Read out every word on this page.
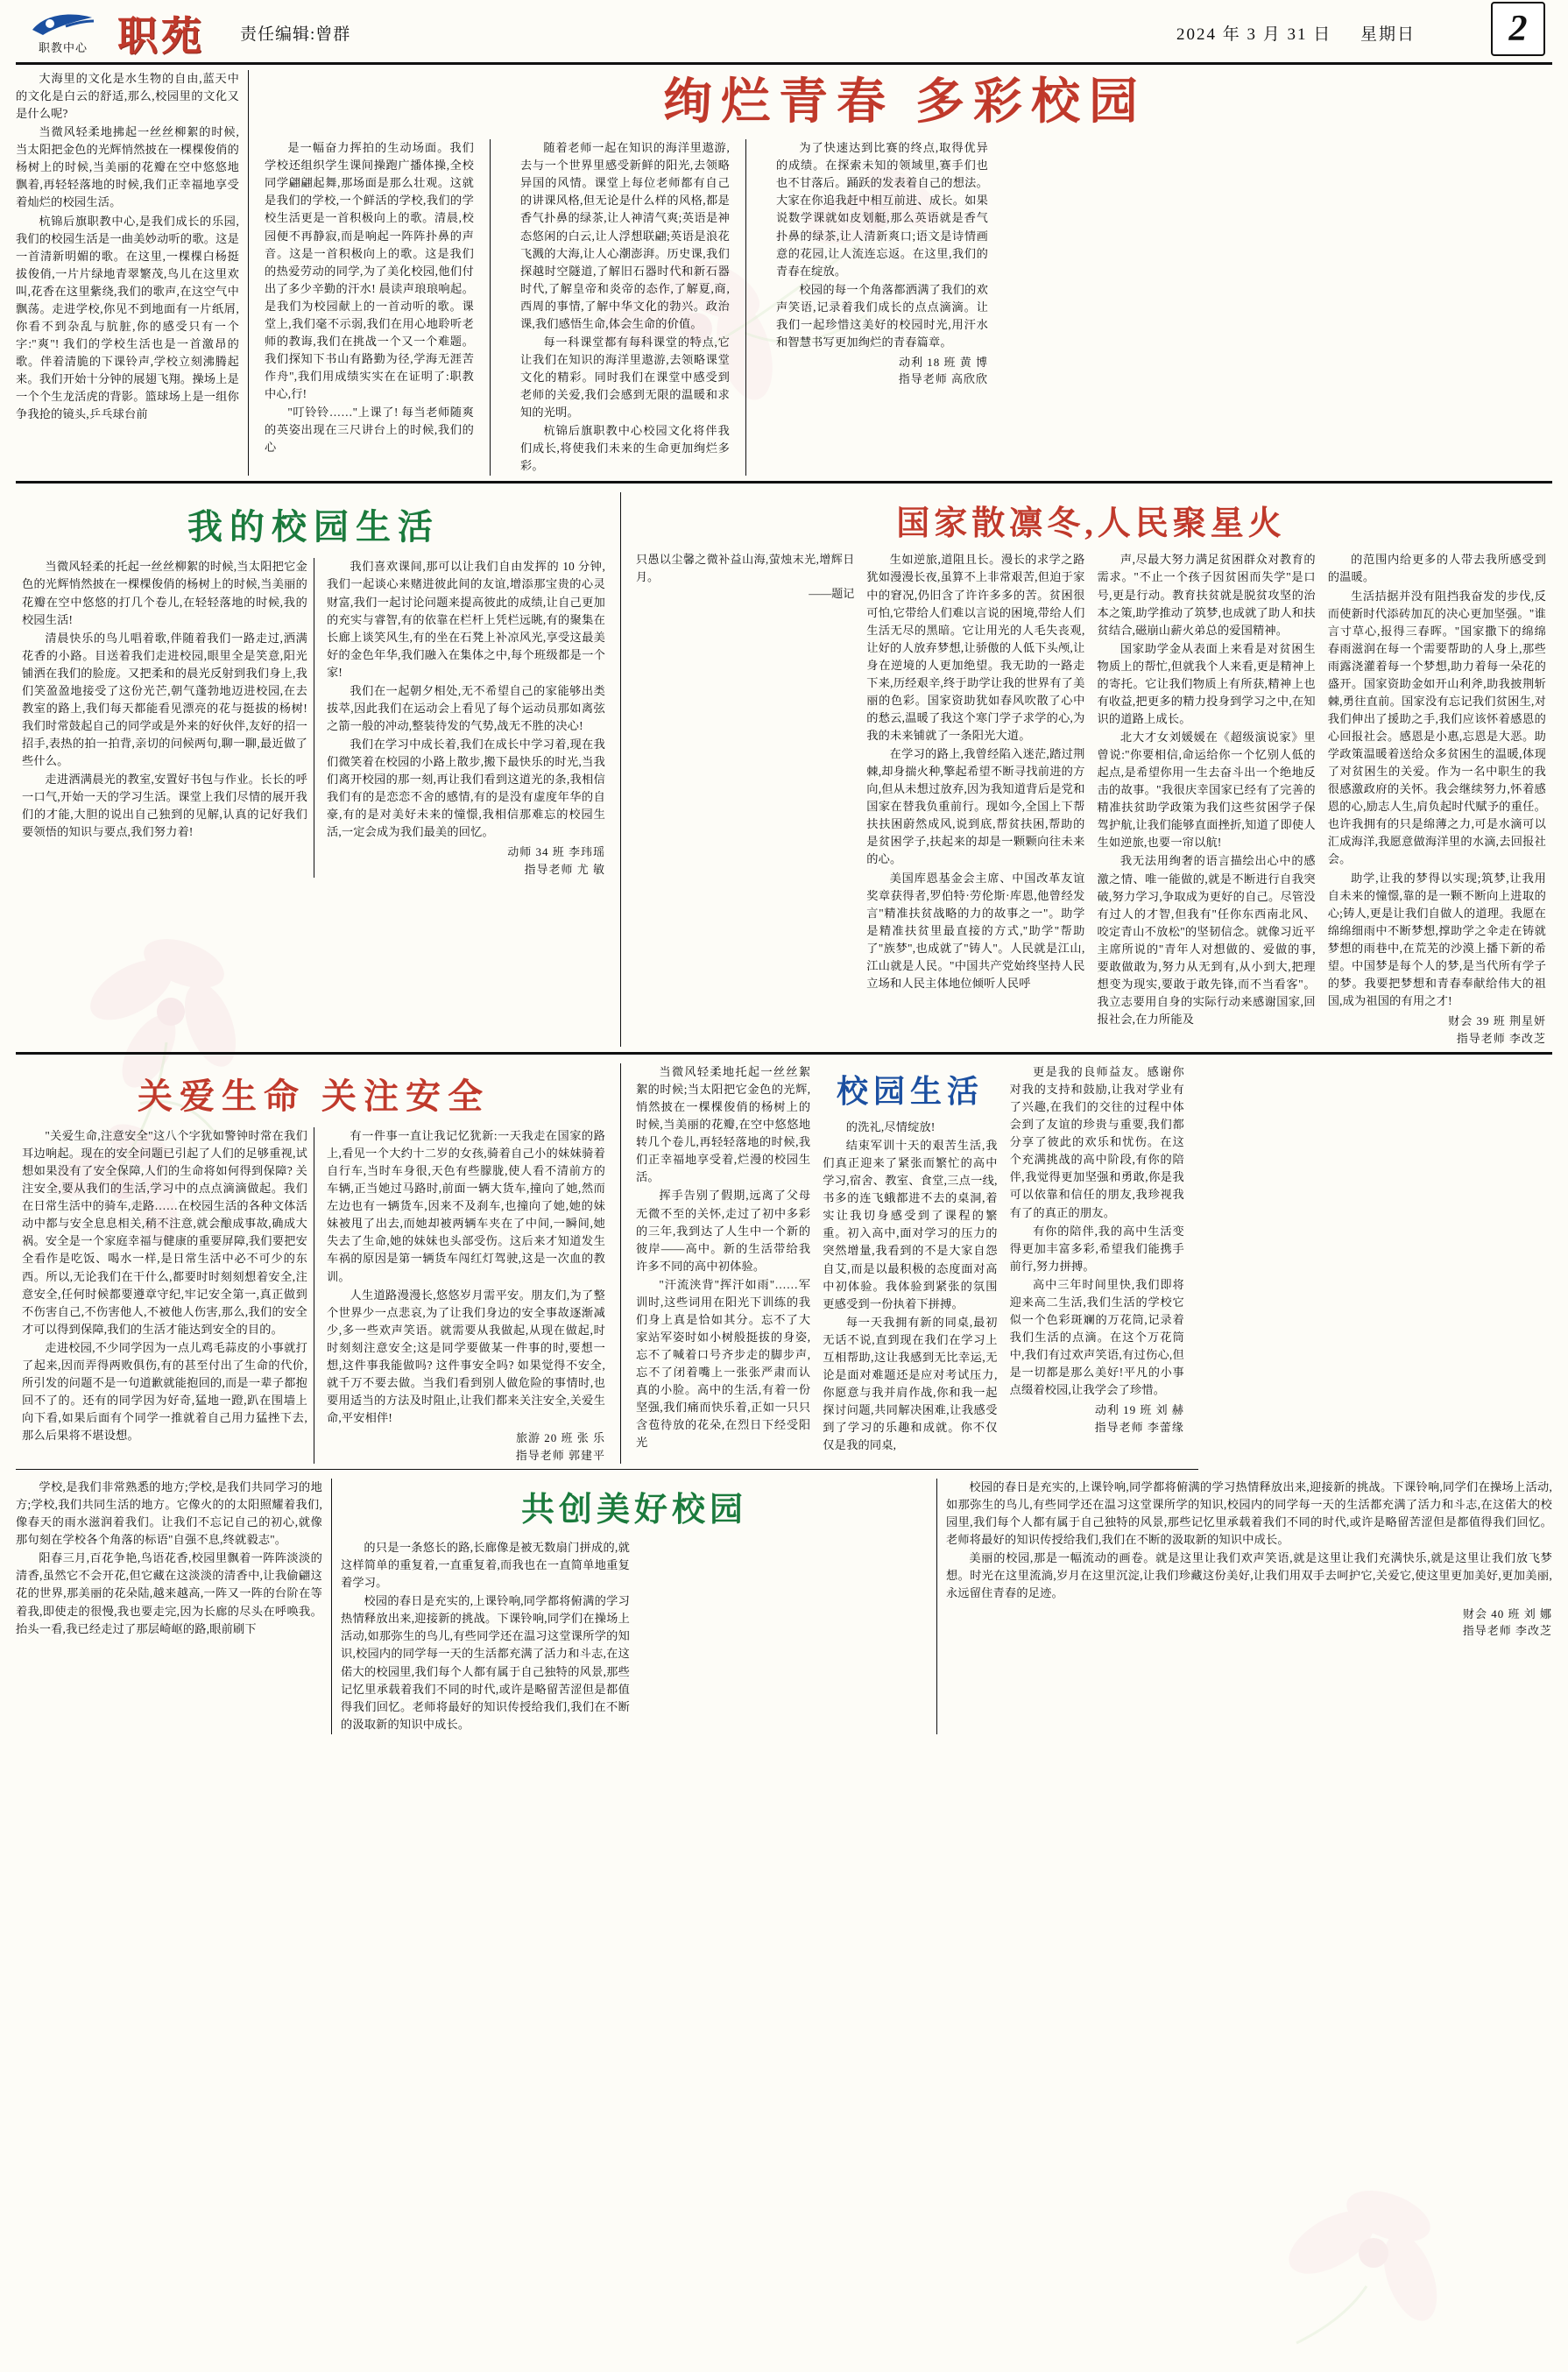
职教中心 职苑 责任编辑:曾群	2024 年 3 月 31 日 星期日	2

大海里的文化是水生物的自由,蓝天中的文化是白云的舒适,那么,校园里的文化又是什么呢?

当微风轻柔地拂起一丝丝柳絮的时候,当太阳把金色的光辉悄然披在一棵棵俊俏的杨树上的时候,当美丽的花瓣在空中悠悠地飘着,再轻轻落地的时候,我们正幸福地享受着灿烂的校园生活。

杭锦后旗职教中心,是我们成长的乐园,我们的校园生活是一曲美妙动听的歌。这是一首清新明媚的歌。在这里,一棵棵白杨挺拔俊俏,一片片绿地青翠繁茂,鸟儿在这里欢叫,花香在这里紫绕,我们的歌声,在这空气中飘荡。走进学校,你见不到地面有一片纸屑,你看不到杂乱与肮脏,你的感受只有一个字:"爽"! 我们的学校生活也是一首激昂的歌。伴着清脆的下课铃声,学校立刻沸腾起来。我们开始十分钟的展翅飞翔。操场上是一个个生龙活虎的背影。篮球场上是一组你争我抢的镜头,乒乓球台前

绚烂青春 多彩校园

是一幅奋力挥拍的生动场面。我们学校还组织学生课间操跑广播体操,全校同学翩翩起舞,那场面是那么壮观。这就是我们的学校,一个鲜活的学校,我们的学校生活更是一首积极向上的歌。清晨,校园便不再静寂,而是响起一阵阵扑鼻的声音。这是一首积极向上的歌。这是我们的热爱劳动的同学,为了美化校园,他们付出了多少辛勤的汗水! 晨读声琅琅响起。是我们为校园献上的一首动听的歌。课堂上,我们毫不示弱,我们在用心地聆听老师的教诲,我们在挑战一个又一个难题。我们探知下书山有路勤为径,学海无涯苦作舟",我们用成绩实实在在证明了:职教中心,行!

"叮铃铃……"上课了! 每当老师随爽的英姿出现在三尺讲台上的时候,我们的心

随着老师一起在知识的海洋里遨游,去与一个世界里感受新鲜的阳光,去领略异国的风情。课堂上每位老师都有自己的讲课风格,但无论是什么样的风格,都是香气扑鼻的绿茶,让人神清气爽;英语是神态悠闲的白云,让人浮想联翩;英语是浪花飞溅的大海,让人心潮澎湃。历史课,我们探越时空隧道,了解旧石器时代和新石器时代,了解皇帝和炎帝的态作,了解夏,商,西周的事情,了解中华文化的勃兴。政治课,我们感悟生命,体会生命的价值。

每一科课堂都有每科课堂的特点,它让我们在知识的海洋里遨游,去领略课堂文化的精彩。同时我们在课堂中感受到老师的关爱,我们会感到无限的温暖和求知的光明。

杭锦后旗职教中心校园文化将伴我们成长,将使我们未来的生命更加绚烂多彩。

为了快速达到比赛的终点,取得优异的成绩。在探索未知的领域里,赛手们也也不甘落后。踊跃的发表着自己的想法。大家在你追我赶中相互前进、成长。如果说数学课就如皮划艇,那么英语就是香气扑鼻的绿茶,让人清新爽口;语文是诗情画意的花园,让人流连忘返。在这里,我们的青春在绽放。

校园的每一个角落都洒满了我们的欢声笑语,记录着我们成长的点点滴滴。让我们一起珍惜这美好的校园时光,用汗水和智慧书写更加绚烂的青春篇章。

动利 18 班 黄 博
指导老师 高欣欣
我的校园生活

当微风轻柔的托起一丝丝柳絮的时候,当太阳把它金色的光辉悄然披在一棵棵俊俏的杨树上的时候,当美丽的花瓣在空中悠悠的打几个卷儿,在轻轻落地的时候,我的校园生活!

清晨快乐的鸟儿唱着歌,伴随着我们一路走过,洒满花香的小路。目送着我们走进校园,眼里全是笑意,阳光铺洒在我们的脸庞。又把柔和的晨光反射到我们身上,我们笑盈盈地接受了这份光芒,朝气蓬勃地迈进校园,在去教室的路上,我们每天都能看见漂亮的花与挺拔的杨树! 我们时常鼓起自己的同学或是外来的好伙伴,友好的招一招手,表热的拍一拍背,亲切的问候两句,聊一聊,最近做了些什么。

走进洒满晨光的教室,安置好书包与作业。长长的呼一口气,开始一天的学习生活。课堂上我们尽情的展开我们的才能,大胆的说出自己独到的见解,认真的记好我们要领悟的知识与要点,我们努力着!

我们喜欢课间,那可以让我们自由发挥的 10 分钟,我们一起谈心来赌进彼此间的友谊,增添那宝贵的心灵财富,我们一起讨论问题来提高彼此的成绩,让自己更加的充实与睿智,有的依靠在栏杆上凭栏远眺,有的聚集在长廊上谈笑风生,有的坐在石凳上补凉风光,享受这最美好的金色年华,我们融入在集体之中,每个班级都是一个家!

我们在一起朝夕相处,无不希望自己的家能够出类拔萃,因此我们在运动会上看见了每个运动员那如离弦之箭一般的冲动,整装待发的气势,战无不胜的决心!

我们在学习中成长着,我们在成长中学习着,现在我们微笑着在校园的小路上散步,搬下最快乐的时光,当我们离开校园的那一刻,再让我们看到这道光的条,我相信我们有的是恋恋不舍的感情,有的是没有虚度年华的自豪,有的是对美好未来的憧憬,我相信那难忘的校园生活,一定会成为我们最美的回忆。

动师 34 班 李玮瑶
指导老师 尤 敏
国家散凛冬,人民聚星火
只愚以尘馨之微补益山海,萤烛末光,增辉日月。
——题记

生如逆旅,道阻且长。漫长的求学之路犹如漫漫长夜,虽算不上非常艰苦,但迫于家中的窘况,仍旧含了许许多多的苦。贫困很可怕,它带给人们难以言说的困境,带给人们生活无尽的黑暗。它让用光的人毛失丧观,让好的人放弃梦想,让骄傲的人低下头颅,让身在逆境的人更加绝望。我无助的一路走下来,历经艰辛,终于助学让我的世界有了美丽的色彩。国家资助犹如春风吹散了心中的愁云,温暖了我这个寒门学子求学的心,为我的未来铺就了一条阳光大道。

在学习的路上,我曾经陷入迷茫,踏过荆棘,却身揣火种,擎起希望不断寻找前进的方向,但从未想过放弃,因为我知道背后是党和国家在替我负重前行。现如今,全国上下帮扶扶困蔚然成风,说到底,帮贫扶困,帮助的是贫困学子,扶起来的却是一颗颗向往未来的心。

美国库恩基金会主席、中国改革友谊奖章获得者,罗伯特·劳伦斯·库恩,他曾经发言"精准扶贫战略的力的故事之一"。助学是精准扶贫里最直接的方式,"助学"帮助了"族梦",也成就了"铸人"。人民就是江山,江山就是人民。"中国共产党始终坚持人民立场和人民主体地位倾听人民呼

声,尽最大努力满足贫困群众对教育的需求。"不止一个孩子因贫困而失学"是口号,更是行动。教育扶贫就是脱贫攻坚的治本之策,助学推动了筑梦,也成就了助人和扶贫结合,磁崩山薪火弟总的爱国精神。

国家助学金从表面上来看是对贫困生物质上的帮忙,但就我个人来看,更是精神上的寄托。它让我们物质上有所获,精神上也有收益,把更多的精力投身到学习之中,在知识的道路上成长。

北大才女刘媛媛在《超级演说家》里曾说:"你要相信,命运给你一个忆别人低的起点,是希望你用一生去奋斗出一个绝地反击的故事。"我很庆幸国家已经有了完善的精准扶贫助学政策为我们这些贫困学子保驾护航,让我们能够直面挫折,知道了即使人生如逆旅,也要一帘以航!

我无法用绚奢的语言描绘出心中的感激之情、唯一能做的,就是不断进行自我突破,努力学习,争取成为更好的自己。尽管没有过人的才智,但我有"任你东西南北风、咬定青山不放松"的坚韧信念。就像习近平主席所说的"青年人对想做的、爱做的事,要敢做敢为,努力从无到有,从小到大,把理想变为现实,要敢于敢先锋,而不当看客"。我立志要用自身的实际行动来感谢国家,回报社会,在力所能及

的范围内给更多的人带去我所感受到的温暖。

生活拮据并没有阻挡我奋发的步伐,反而使新时代添砖加瓦的决心更加坚强。"谁言寸草心,报得三春晖。"国家撒下的绵绵春雨滋润在每一个需要帮助的人身上,那些雨露浇灌着每一个梦想,助力着每一朵花的盛开。国家资助金如开山利斧,助我披荆斩棘,勇往直前。国家没有忘记我们贫困生,对我们伸出了援助之手,我们应该怀着感恩的心回报社会。感恩是小惠,忘恩是大恶。助学政策温暖着送给众多贫困生的温暖,体现了对贫困生的关爱。作为一名中职生的我很感激政府的关怀。我会继续努力,怀着感恩的心,励志人生,肩负起时代赋予的重任。也许我拥有的只是绵薄之力,可是水滴可以汇成海洋,我愿意做海洋里的水滴,去回报社会。

助学,让我的梦得以实现;筑梦,让我用自未来的憧憬,靠的是一颗不断向上进取的心;铸人,更是让我们自做人的道理。我愿在绵绵细雨中不断梦想,撑助学之伞走在铸就梦想的雨巷中,在荒芜的沙漠上播下新的希望。中国梦是每个人的梦,是当代所有学子的梦。我要把梦想和青春奉献给伟大的祖国,成为祖国的有用之才!

财会 39 班 荆星妍
指导老师 李改芝
关爱生命 关注安全

"关爱生命,注意安全"这八个字犹如警钟时常在我们耳边响起。现在的安全问题已引起了人们的足够重视,试想如果没有了安全保障,人们的生命将如何得到保障? 关注安全,要从我们的生活,学习中的点点滴滴做起。我们在日常生活中的骑车,走路……在校园生活的各种文体活动中都与安全息息相关,稍不注意,就会酿成事故,确成大祸。安全是一个家庭幸福与健康的重要屏障,我们要把安全看作是吃饭、喝水一样,是日常生活中必不可少的东西。所以,无论我们在干什么,都要时时刻刻想着安全,注意安全,任何时候都要遵章守纪,牢记安全第一,真正做到不伤害自己,不伤害他人,不被他人伤害,那么,我们的安全才可以得到保障,我们的生活才能达到安全的目的。

走进校园,不少同学因为一点儿鸡毛蒜皮的小事就打了起来,因而弄得两败俱伤,有的甚至付出了生命的代价,所引发的问题不是一句道歉就能抱回的,而是一辈子都抱回不了的。还有的同学因为好奇,猛地一蹬,趴在围墙上向下看,如果后面有个同学一推就着自己用力猛挫下去,那么后果将不堪设想。

有一件事一直让我记忆犹新:一天我走在国家的路上,看见一个大约十二岁的女孩,骑着自己小的妹妹骑着自行车,当时车身很,天色有些朦胧,使人看不清前方的车辆,正当她过马路时,前面一辆大货车,撞向了她,然而左边也有一辆货车,因来不及刹车,也撞向了她,她的妹妹被甩了出去,而她却被两辆车夹在了中间,一瞬间,她失去了生命,她的妹妹也头部受伤。这后来才知道发生车祸的原因是第一辆货车闯红灯驾驶,这是一次血的教训。

人生道路漫漫长,悠悠岁月需平安。朋友们,为了整个世界少一点悲哀,为了让我们身边的安全事故逐渐减少,多一些欢声笑语。就需要从我做起,从现在做起,时时刻刻注意安全;这是同学要做某一件事的时,要想一想,这件事我能做吗? 这件事安全吗? 如果觉得不安全,就千万不要去做。当我们看到别人做危险的事情时,也要用适当的方法及时阻止,让我们都来关注安全,关爱生命,平安相伴!

旅游 20 班 张 乐
指导老师 郭建平

当微风轻柔地托起一丝丝絮絮的时候;当太阳把它金色的光辉,悄然披在一棵棵俊俏的杨树上的时候,当美丽的花瓣,在空中悠悠地转几个卷儿,再轻轻落地的时候,我们正幸福地享受着,烂漫的校园生活。

挥手告别了假期,远离了父母无微不至的关怀,走过了初中多彩的三年,我到达了人生中一个新的彼岸——高中。新的生活带给我许多不同的高中初体验。

"汗流浃背"挥汗如雨"……军训时,这些词用在阳光下训练的我们身上真是恰如其分。忘不了大家站军姿时如小树般挺拔的身姿,忘不了喊着口号齐步走的脚步声,忘不了闭着嘴上一张张严肃而认真的小脸。高中的生活,有着一份坚强,我们痛而快乐着,正如一只只含苞待放的花朵,在烈日下经受阳光

校园生活

的洗礼,尽情绽放!

结束军训十天的艰苦生活,我们真正迎来了紧张而繁忙的高中学习,宿舍、教室、食堂,三点一线,书多的连飞蛾都进不去的桌洞,着实让我切身感受到了课程的繁重。初入高中,面对学习的压力的突然增量,我看到的不是大家自怨自艾,而是以最积极的态度面对高中初体验。我体验到紧张的氛围更感受到一份执着下拼搏。

每一天我拥有新的同桌,最初无话不说,直到现在我们在学习上互相帮助,这让我感到无比幸运,无论是面对难题还是应对考试压力,你愿意与我并肩作战,你和我一起探讨问题,共同解决困难,让我感受到了学习的乐趣和成就。你不仅仅是我的同桌,

更是我的良师益友。感谢你对我的支持和鼓励,让我对学业有了兴趣,在我们的交往的过程中体会到了友谊的珍贵与重要,我们都分享了彼此的欢乐和忧伤。在这个充满挑战的高中阶段,有你的陪伴,我觉得更加坚强和勇敢,你是我可以依靠和信任的朋友,我珍视我有了的真正的朋友。

有你的陪伴,我的高中生活变得更加丰富多彩,希望我们能携手前行,努力拼搏。

高中三年时间里快,我们即将迎来高二生活,我们生活的学校它似一个色彩斑斓的万花筒,记录着我们生活的点滴。在这个万花筒中,我们有过欢声笑语,有过伤心,但是一切都是那么美好!平凡的小事点缀着校园,让我学会了珍惜。

动利 19 班 刘 赫
指导老师 李蕾缘

学校,是我们非常熟悉的地方;学校,是我们共同学习的地方;学校,我们共同生活的地方。它像火的的太阳照耀着我们,像春天的雨水滋润着我们。让我们不忘记自己的初心,就像那句刻在学校各个角落的标语"自强不息,终就毅志"。

阳春三月,百花争艳,鸟语花香,校园里飘着一阵阵淡淡的清香,虽然它不会开花,但它藏在这淡淡的清香中,让我偷翩这花的世界,那美丽的花朵陆,越来越高,一阵又一阵的台阶在等着我,即使走的很慢,我也要走完,因为长廊的尽头在呼唤我。抬头一看,我已经走过了那层崎岖的路,眼前刷下

共创美好校园

的只是一条悠长的路,长廊像是被无数扇门拼成的,就这样简单的重复着,一直重复着,而我也在一直简单地重复着学习。

校园的春日是充实的,上课铃响,同学都将俯满的学习热情释放出来,迎接新的挑战。下课铃响,同学们在操场上活动,如那弥生的鸟儿,有些同学还在温习这堂课所学的知识,校园内的同学每一天的生活都充满了活力和斗志,在这偌大的校园里,我们每个人都有属于自己独特的风景,那些记忆里承载着我们不同的时代,或许是略留苦涩但是都值得我们回忆。老师将最好的知识传授给我们,我们在不断的汲取新的知识中成长。

校园的春日是充实的,上课铃响,同学都将俯满的学习热情释放出来,迎接新的挑战。下课铃响,同学们在操场上活动,如那弥生的鸟儿,有些同学还在温习这堂课所学的知识,校园内的同学每一天的生活都充满了活力和斗志,在这偌大的校园里,我们每个人都有属于自己独特的风景,那些记忆里承载着我们不同的时代,或许是略留苦涩但是都值得我们回忆。老师将最好的知识传授给我们,我们在不断的汲取新的知识中成长。

美丽的校园,那是一幅流动的画卷。就是这里让我们欢声笑语,就是这里让我们充满快乐,就是这里让我们放飞梦想。时光在这里流淌,岁月在这里沉淀,让我们珍藏这份美好,让我们用双手去呵护它,关爱它,使这里更加美好,更加美丽,永远留住青春的足迹。

财会 40 班 刘 娜
指导老师 李改芝
